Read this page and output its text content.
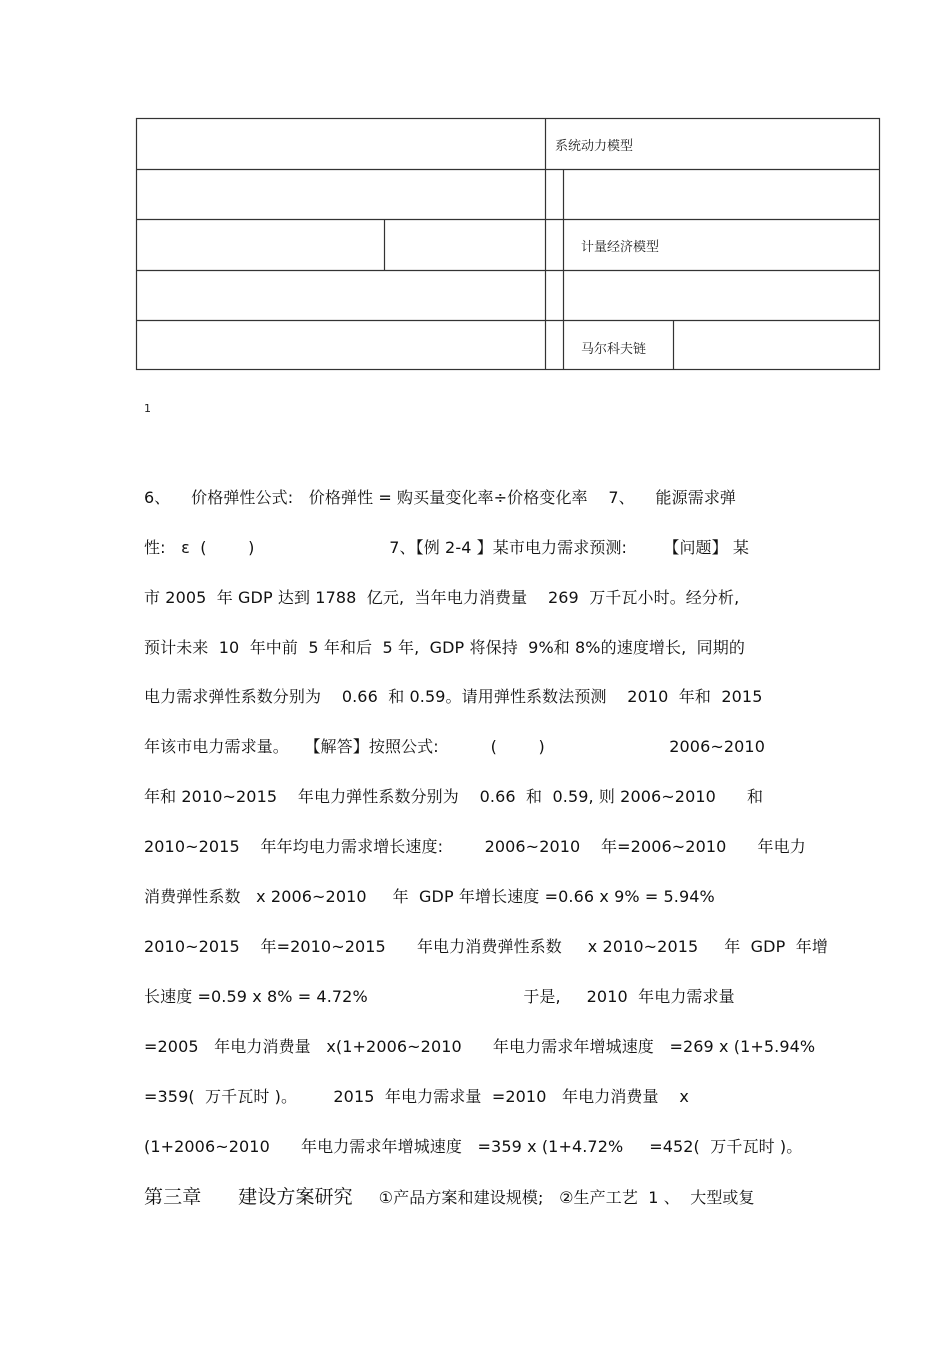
系统动力模型
计量经济模型
马尔科夫链
1
6、    价格弹性公式:   价格弹性 = 购买量变化率÷价格变化率    7、    能源需求弹
性:   ε  (        )                          7、【例 2-4 】某市电力需求预测:       【问题】 某
市 2005  年 GDP 达到 1788  亿元,  当年电力消费量    269  万千瓦小时。经分析,
预计未来  10  年中前  5 年和后  5 年,  GDP 将保持  9%和 8%的速度增长,  同期的
电力需求弹性系数分别为    0.66  和 0.59。请用弹性系数法预测    2010  年和  2015
年该市电力需求量。   【解答】按照公式:          (        )                        2006~2010
年和 2010~2015    年电力弹性系数分别为    0.66  和  0.59, 则 2006~2010      和
2010~2015    年年均电力需求增长速度:        2006~2010    年=2006~2010      年电力
消费弹性系数   x 2006~2010     年  GDP 年增长速度 =0.66 x 9% = 5.94%
2010~2015    年=2010~2015      年电力消费弹性系数     x 2010~2015     年  GDP  年增
长速度 =0.59 x 8% = 4.72%                              于是,     2010  年电力需求量
=2005   年电力消费量   x(1+2006~2010      年电力需求年增城速度   =269 x (1+5.94%
=359(  万千瓦时 )。       2015  年电力需求量  =2010   年电力消费量    x
(1+2006~2010      年电力需求年增城速度   =359 x (1+4.72%     =452(  万千瓦时 )。
第三章      建设方案研究     ①产品方案和建设规模;   ②生产工艺  1 、  大型或复
